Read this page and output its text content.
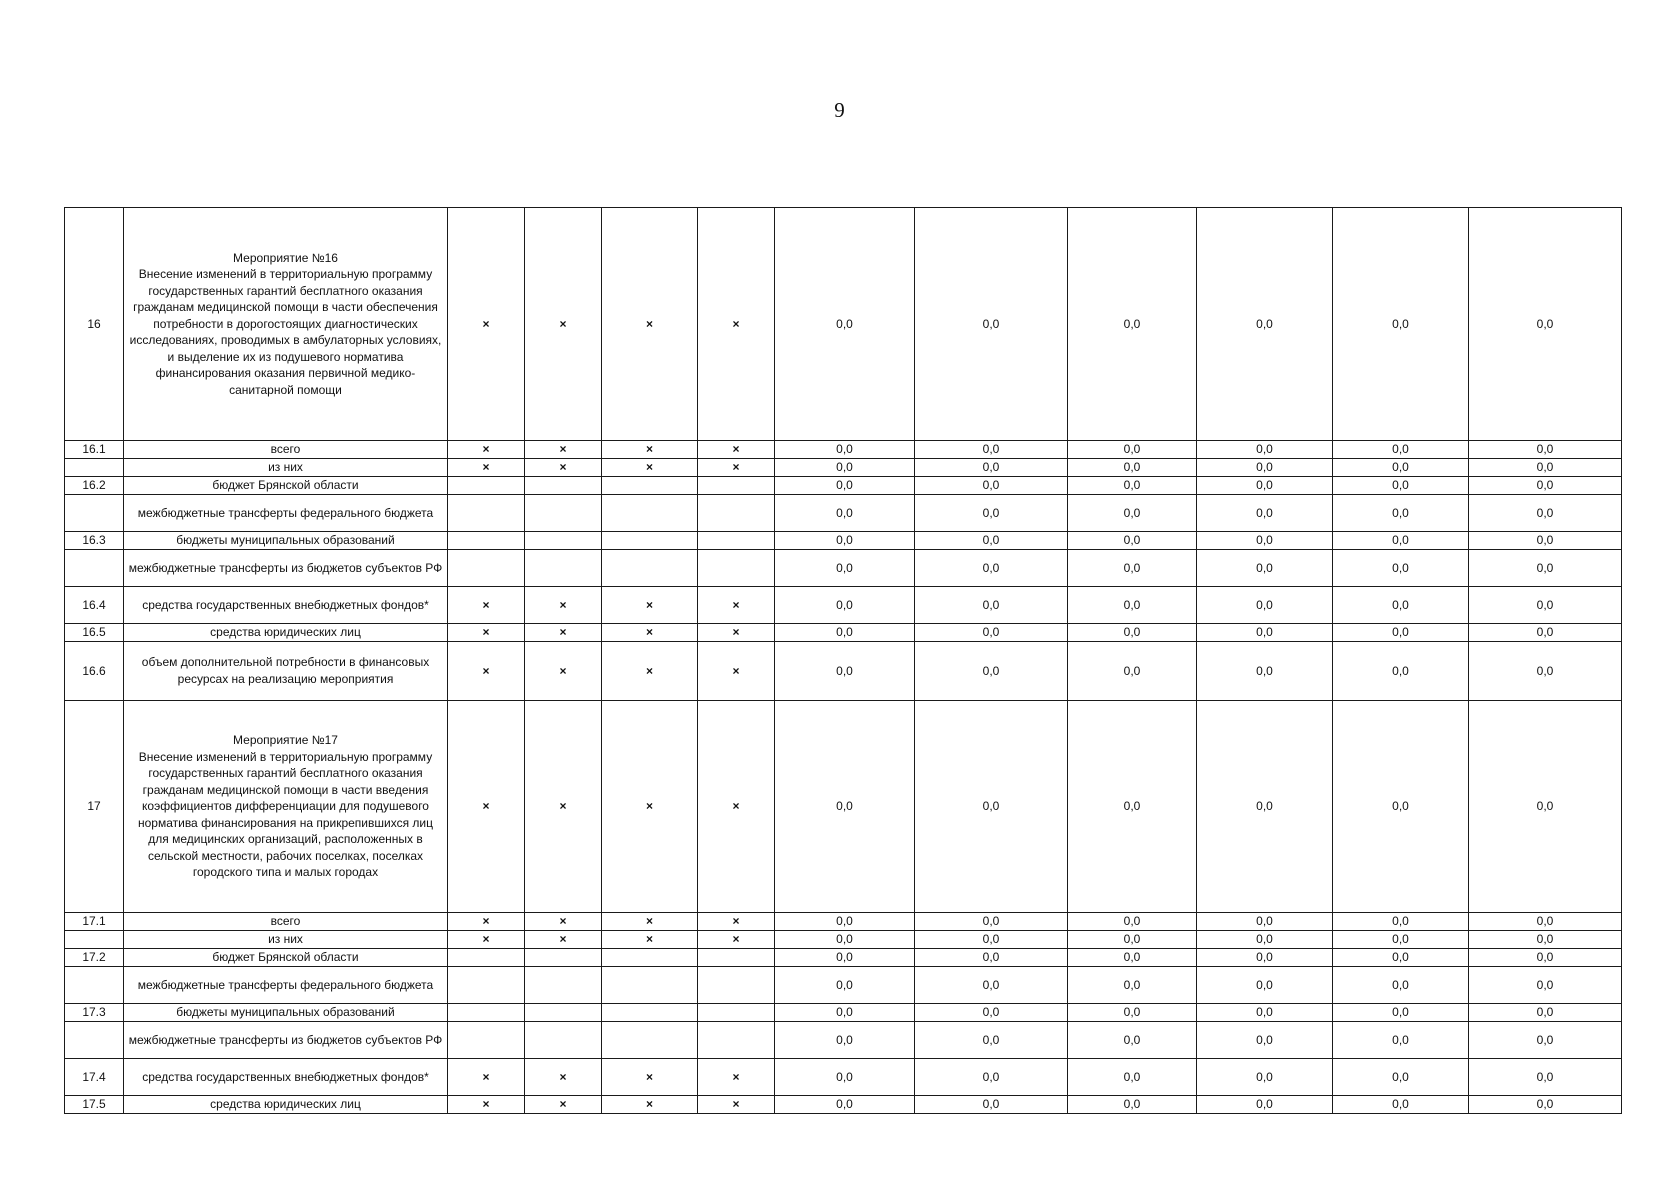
9
16	Мероприятие №16
Внесение изменений в территориальную программу государственных гарантий бесплатного оказания гражданам медицинской помощи в части обеспечения потребности в дорогостоящих диагностических исследованиях, проводимых в амбулаторных условиях, и выделение их из подушевого норматива финансирования оказания первичной медико-санитарной помощи	×	×	×	×	0,0	0,0	0,0	0,0	0,0	0,0
16.1	всего	×	×	×	×	0,0	0,0	0,0	0,0	0,0	0,0
	из них	×	×	×	×	0,0	0,0	0,0	0,0	0,0	0,0
16.2	бюджет Брянской области					0,0	0,0	0,0	0,0	0,0	0,0
	межбюджетные трансферты федерального бюджета					0,0	0,0	0,0	0,0	0,0	0,0
16.3	бюджеты муниципальных образований					0,0	0,0	0,0	0,0	0,0	0,0
	межбюджетные трансферты из бюджетов субъектов РФ					0,0	0,0	0,0	0,0	0,0	0,0
16.4	средства государственных внебюджетных фондов*	×	×	×	×	0,0	0,0	0,0	0,0	0,0	0,0
16.5	средства юридических лиц	×	×	×	×	0,0	0,0	0,0	0,0	0,0	0,0
16.6	объем дополнительной потребности в финансовых ресурсах на реализацию мероприятия	×	×	×	×	0,0	0,0	0,0	0,0	0,0	0,0
17	Мероприятие №17
Внесение изменений в территориальную программу государственных гарантий бесплатного оказания гражданам медицинской помощи в части введения коэффициентов дифференциации для подушевого норматива финансирования на прикрепившихся лиц для медицинских организаций, расположенных в сельской местности, рабочих поселках, поселках городского типа и малых городах	×	×	×	×	0,0	0,0	0,0	0,0	0,0	0,0
17.1	всего	×	×	×	×	0,0	0,0	0,0	0,0	0,0	0,0
	из них	×	×	×	×	0,0	0,0	0,0	0,0	0,0	0,0
17.2	бюджет Брянской области					0,0	0,0	0,0	0,0	0,0	0,0
	межбюджетные трансферты федерального бюджета					0,0	0,0	0,0	0,0	0,0	0,0
17.3	бюджеты муниципальных образований					0,0	0,0	0,0	0,0	0,0	0,0
	межбюджетные трансферты из бюджетов субъектов РФ					0,0	0,0	0,0	0,0	0,0	0,0
17.4	средства государственных внебюджетных фондов*	×	×	×	×	0,0	0,0	0,0	0,0	0,0	0,0
17.5	средства юридических лиц	×	×	×	×	0,0	0,0	0,0	0,0	0,0	0,0
